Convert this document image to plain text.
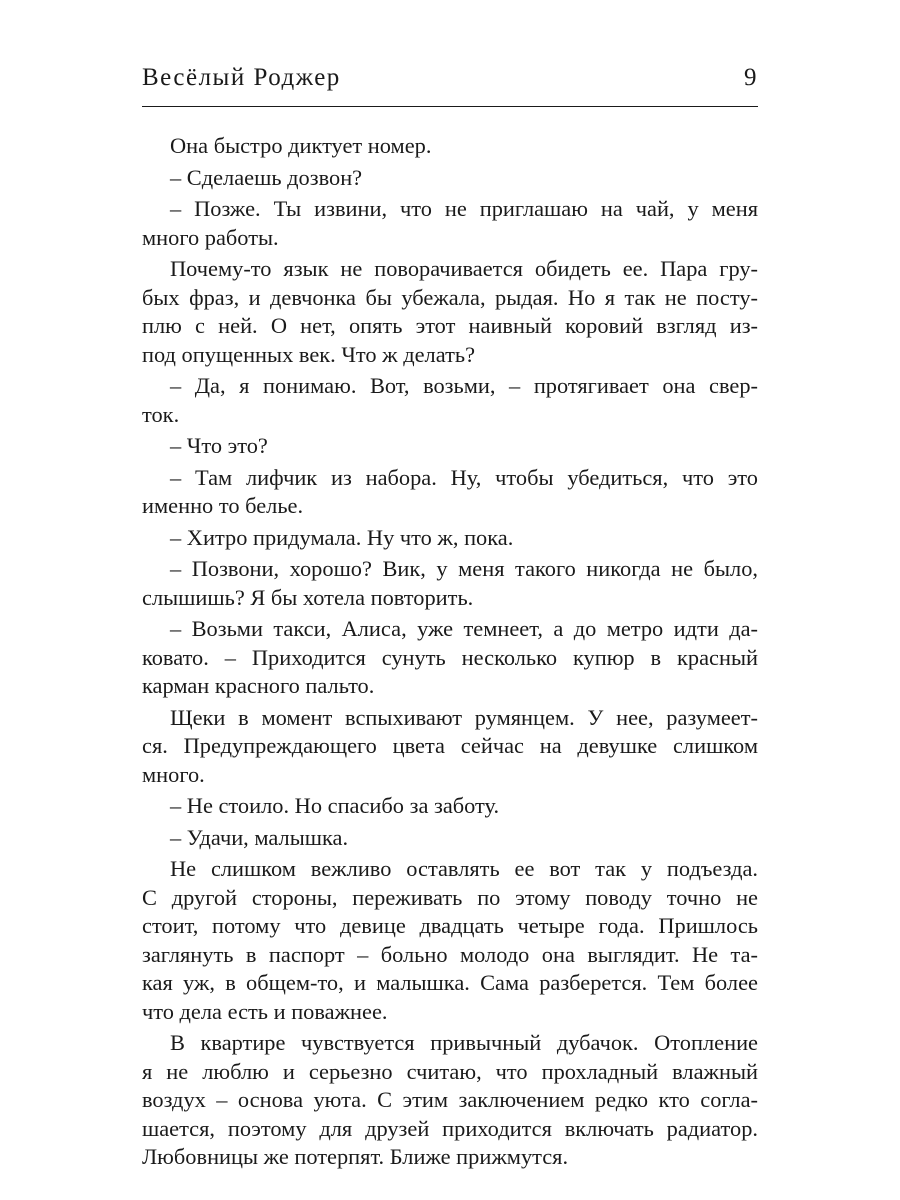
Весёлый Роджер	9
Она быстро диктует номер.
– Сделаешь дозвон?
– Позже. Ты извини, что не приглашаю на чай, у меня
много работы.
Почему-то язык не поворачивается обидеть ее. Пара гру-
бых фраз, и девчонка бы убежала, рыдая. Но я так не посту-
плю с ней. О нет, опять этот наивный коровий взгляд из-
под опущенных век. Что ж делать?
– Да, я понимаю. Вот, возьми, – протягивает она свер-
ток.
– Что это?
– Там лифчик из набора. Ну, чтобы убедиться, что это
именно то белье.
– Хитро придумала. Ну что ж, пока.
– Позвони, хорошо? Вик, у меня такого никогда не было,
слышишь? Я бы хотела повторить.
– Возьми такси, Алиса, уже темнеет, а до метро идти да-
ковато. – Приходится сунуть несколько купюр в красный
карман красного пальто.
Щеки в момент вспыхивают румянцем. У нее, разумеет-
ся. Предупреждающего цвета сейчас на девушке слишком
много.
– Не стоило. Но спасибо за заботу.
– Удачи, малышка.
Не слишком вежливо оставлять ее вот так у подъезда.
С другой стороны, переживать по этому поводу точно не
стоит, потому что девице двадцать четыре года. Пришлось
заглянуть в паспорт – больно молодо она выглядит. Не та-
кая уж, в общем-то, и малышка. Сама разберется. Тем более
что дела есть и поважнее.
В квартире чувствуется привычный дубачок. Отопление
я не люблю и серьезно считаю, что прохладный влажный
воздух – основа уюта. С этим заключением редко кто согла-
шается, поэтому для друзей приходится включать радиатор.
Любовницы же потерпят. Ближе прижмутся.
